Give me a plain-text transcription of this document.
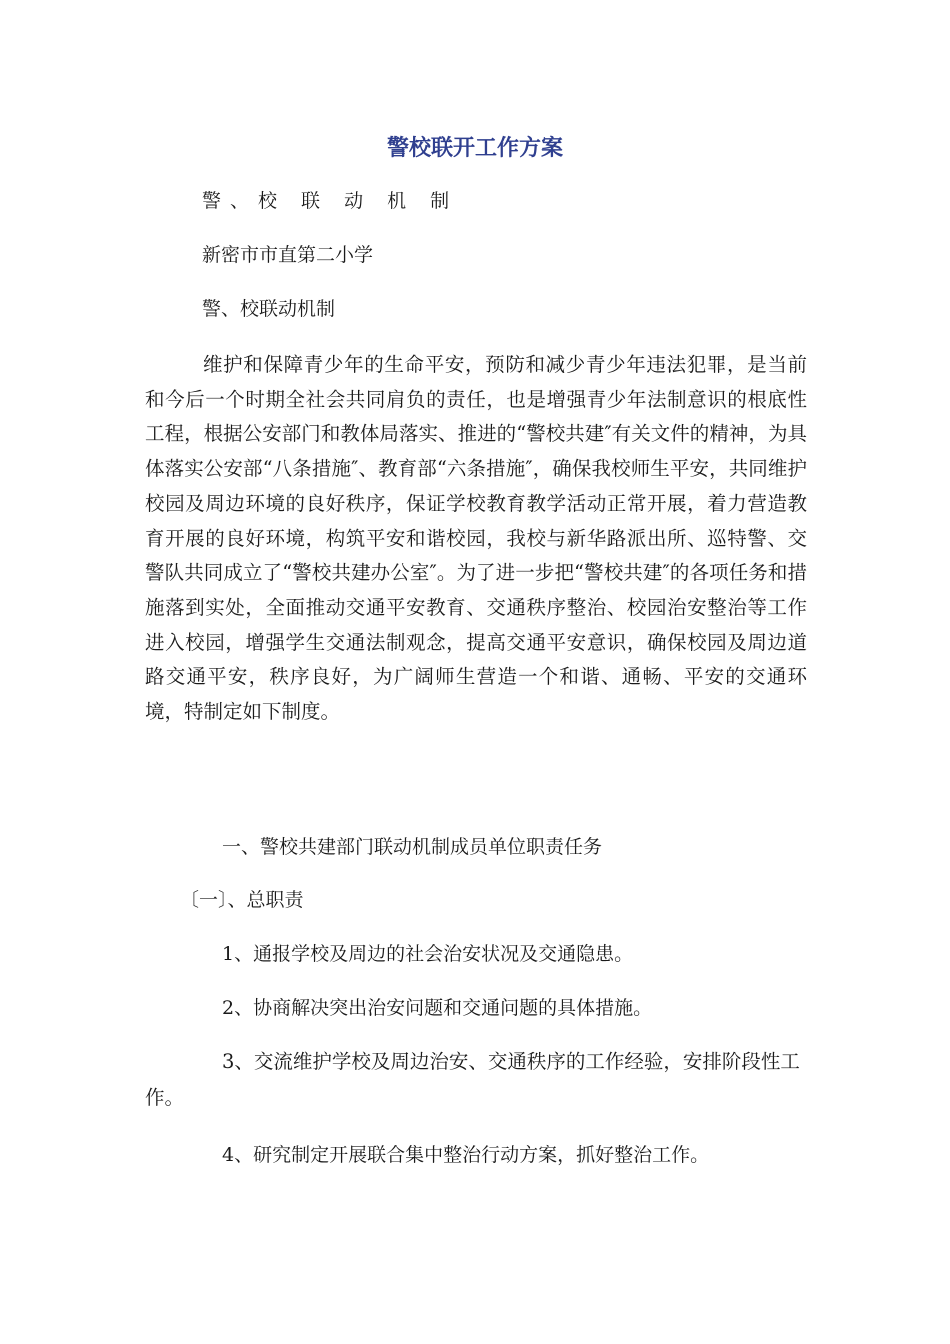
警校联开工作方案
警、校 联 动 机 制
新密市市直第二小学
警、校联动机制

维护和保障青少年的生命平安，预防和减少青少年违法犯罪，是当前和今后一个时期全社会共同肩负的责任，也是增强青少年法制意识的根底性工程，根据公安部门和教体局落实、推进的“警校共建″有关文件的精神，为具体落实公安部“八条措施″、教育部“六条措施″，确保我校师生平安，共同维护校园及周边环境的良好秩序，保证学校教育教学活动正常开展，着力营造教育开展的良好环境，构筑平安和谐校园，我校与新华路派出所、巡特警、交警队共同成立了“警校共建办公室″。为了进一步把“警校共建″的各项任务和措施落到实处，全面推动交通平安教育、交通秩序整治、校园治安整治等工作进入校园，增强学生交通法制观念，提高交通平安意识，确保校园及周边道路交通平安，秩序良好，为广阔师生营造一个和谐、通畅、平安的交通环境，特制定如下制度。

一、警校共建部门联动机制成员单位职责任务
〔一〕、总职责
1、通报学校及周边的社会治安状况及交通隐患。
2、协商解决突出治安问题和交通问题的具体措施。

3、交流维护学校及周边治安、交通秩序的工作经验，安排阶段性工作。

4、研究制定开展联合集中整治行动方案，抓好整治工作。
